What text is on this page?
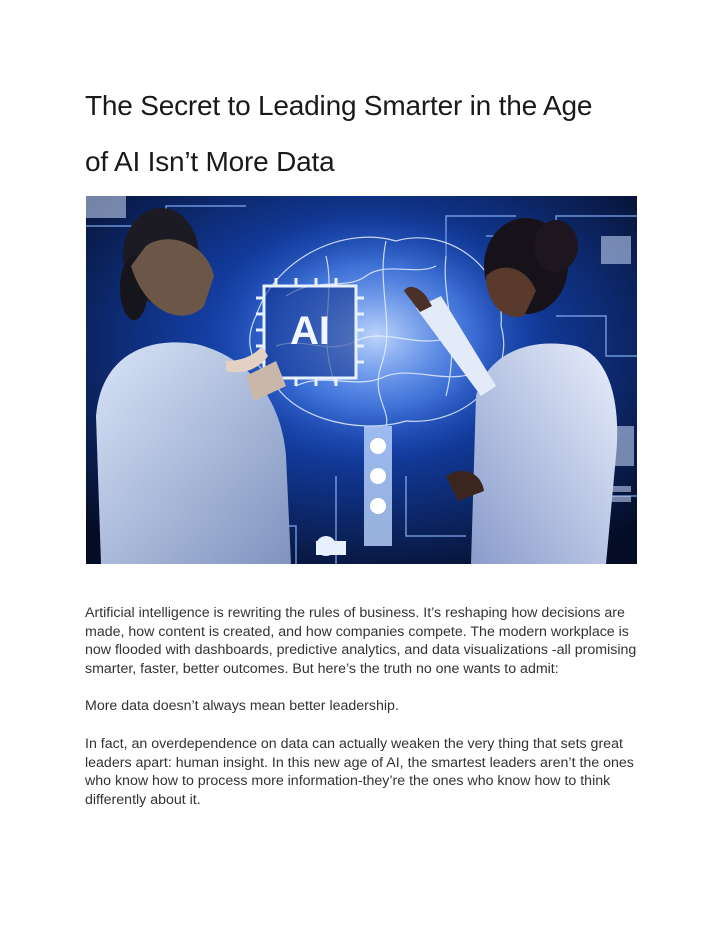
The Secret to Leading Smarter in the Age
of AI Isn’t More Data
AI

Artificial intelligence is rewriting the rules of business. It’s reshaping how decisions are made, how content is created, and how companies compete. The modern workplace is now flooded with dashboards, predictive analytics, and data visualizations -all promising smarter, faster, better outcomes. But here’s the truth no one wants to admit:

More data doesn’t always mean better leadership.

In fact, an overdependence on data can actually weaken the very thing that sets great leaders apart: human insight. In this new age of AI, the smartest leaders aren’t the ones who know how to process more information-they’re the ones who know how to think differently about it.
